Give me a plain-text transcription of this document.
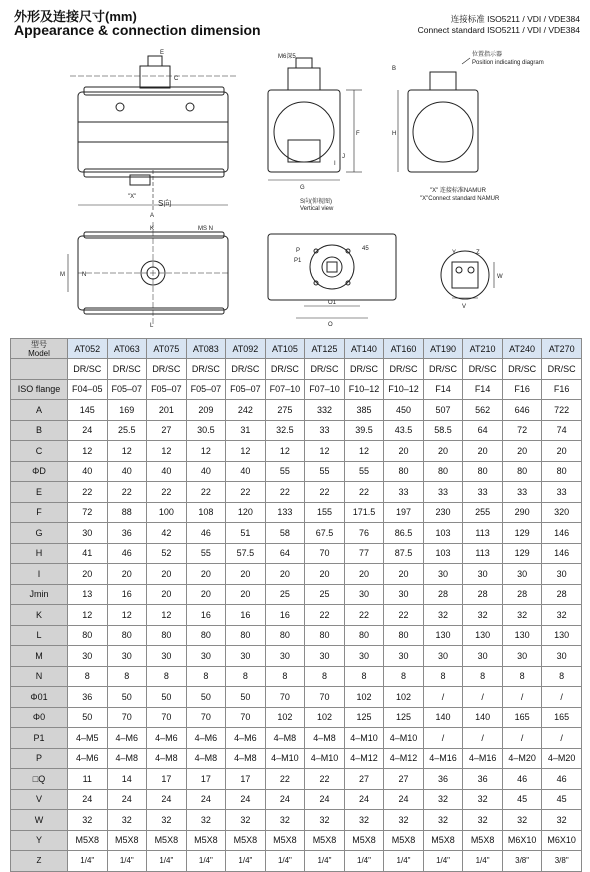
外形及连接尺寸(mm)
Appearance & connection dimension
连接标准 ISO5211 / VDI / VDE384
Connect standard ISO5211 / VDI / VDE384
A
E
C
"X"
S向
M6深5
F
G
I
J
H
B
位置指示器
Position indicating diagram
S向(仰视图)
Vertical view
K	MS N
M	N
L
P
P1
45
O1
O
"X" 连接标准NAMUR
"X"Connect standard NAMUR
Y	Z
W
V
型号
Model	AT052	AT063	AT075	AT083	AT092	AT105	AT125	AT140	AT160	AT190	AT210	AT240	AT270
	DR/SC	DR/SC	DR/SC	DR/SC	DR/SC	DR/SC	DR/SC	DR/SC	DR/SC	DR/SC	DR/SC	DR/SC	DR/SC
ISO flange	F04–05	F05–07	F05–07	F05–07	F05–07	F07–10	F07–10	F10–12	F10–12	F14	F14	F16	F16
A	145	169	201	209	242	275	332	385	450	507	562	646	722
B	24	25.5	27	30.5	31	32.5	33	39.5	43.5	58.5	64	72	74
C	12	12	12	12	12	12	12	12	20	20	20	20	20
ΦD	40	40	40	40	40	55	55	55	80	80	80	80	80
E	22	22	22	22	22	22	22	22	33	33	33	33	33
F	72	88	100	108	120	133	155	171.5	197	230	255	290	320
G	30	36	42	46	51	58	67.5	76	86.5	103	113	129	146
H	41	46	52	55	57.5	64	70	77	87.5	103	113	129	146
I	20	20	20	20	20	20	20	20	20	30	30	30	30
Jmin	13	16	20	20	20	25	25	30	30	28	28	28	28
K	12	12	12	16	16	16	22	22	22	32	32	32	32
L	80	80	80	80	80	80	80	80	80	130	130	130	130
M	30	30	30	30	30	30	30	30	30	30	30	30	30
N	8	8	8	8	8	8	8	8	8	8	8	8	8
Φ01	36	50	50	50	50	70	70	102	102	/	/	/	/
Φ0	50	70	70	70	70	102	102	125	125	140	140	165	165
P1	4–M5	4–M6	4–M6	4–M6	4–M6	4–M8	4–M8	4–M10	4–M10	/	/	/	/
P	4–M6	4–M8	4–M8	4–M8	4–M8	4–M10	4–M10	4–M12	4–M12	4–M16	4–M16	4–M20	4–M20
□Q	11	14	17	17	17	22	22	27	27	36	36	46	46
V	24	24	24	24	24	24	24	24	24	32	32	45	45
W	32	32	32	32	32	32	32	32	32	32	32	32	32
Y	M5X8	M5X8	M5X8	M5X8	M5X8	M5X8	M5X8	M5X8	M5X8	M5X8	M5X8	M6X10	M6X10
Z	1/4"	1/4"	1/4"	1/4"	1/4"	1/4"	1/4"	1/4"	1/4"	1/4"	1/4"	3/8"	3/8"
